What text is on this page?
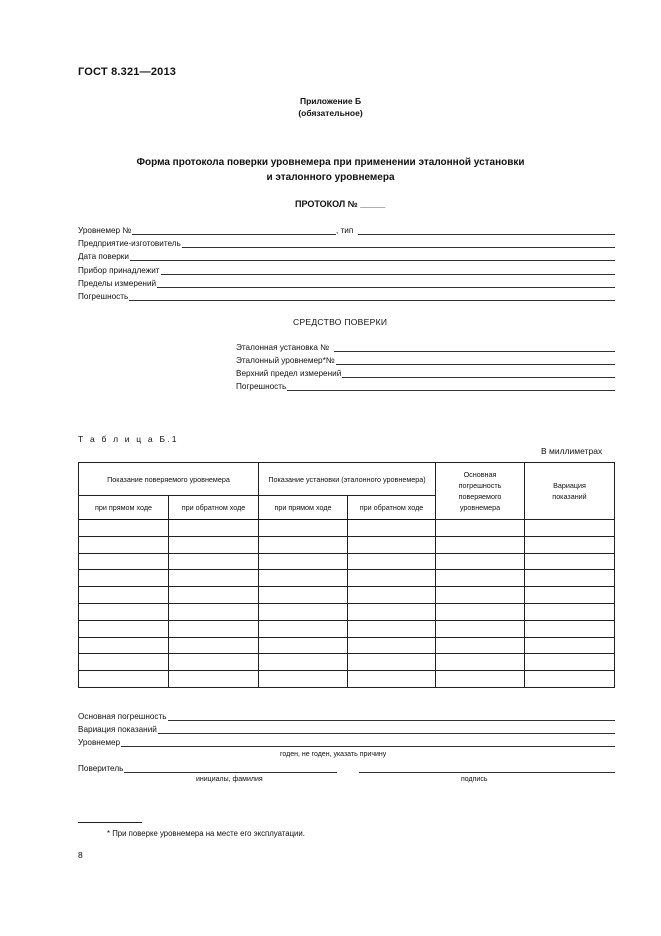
ГОСТ 8.321—2013
Приложение Б
(обязательное)
Форма протокола поверки уровнемера при применении эталонной установки
и эталонного уровнемера
ПРОТОКОЛ № _____
Уровнемер №	, тип
Предприятие-изготовитель
Дата поверки
Прибор принадлежит
Пределы измерений
Погрешность
СРЕДСТВО ПОВЕРКИ
Эталонная установка №
Эталонный уровнемер*№
Верхний предел измерений
Погрешность
Т а б л и ц а Б.1
В миллиметрах
Показание поверяемого уровнемера		Показание установки (эталонного уровнемера)		Основная погрешность поверяемого уровнемера	Вариация показаний
при прямом ходе	при обратном ходе	при прямом ходе	при обратном ходе		

Основная погрешность
Вариация показаний
Уровнемер
годен, не годен, указать причину
Поверитель
инициалы, фамилия	подпись
* При поверке уровнемера на месте его эксплуатации.
8
